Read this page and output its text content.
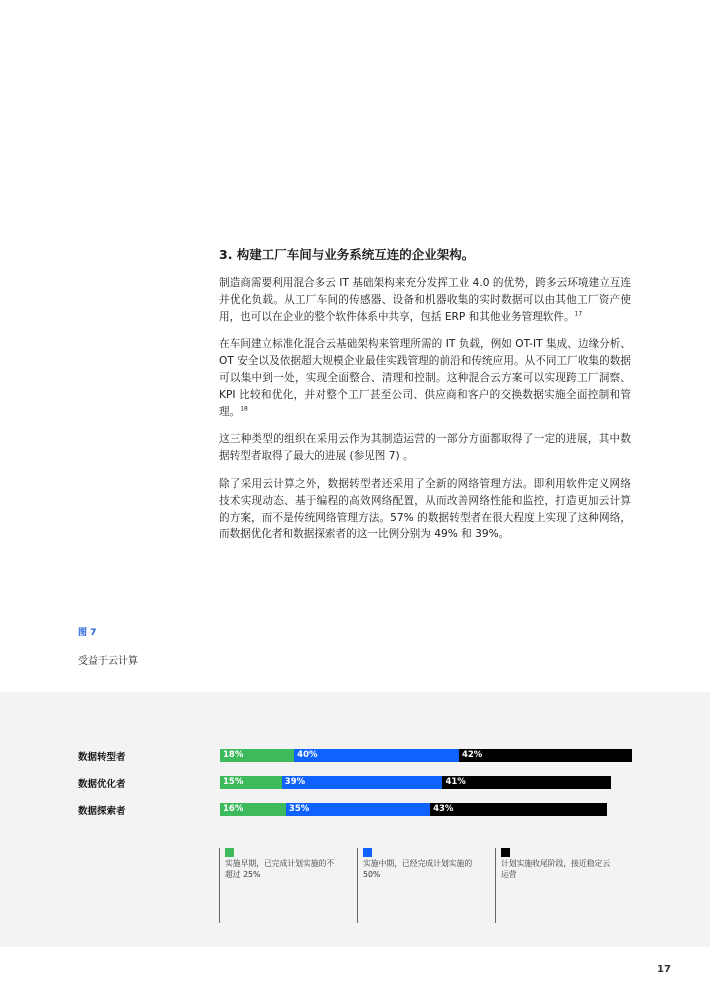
3. 构建工厂车间与业务系统互连的企业架构。

制造商需要利用混合多云 IT 基础架构来充分发挥工业 4.0 的优势，跨多云环境建立互连并优化负载。从工厂车间的传感器、设备和机器收集的实时数据可以由其他工厂资产使用，也可以在企业的整个软件体系中共享，包括 ERP 和其他业务管理软件。$^{17}$

在车间建立标准化混合云基础架构来管理所需的 IT 负载，例如 OT-IT 集成、边缘分析、OT 安全以及依据超大规模企业最佳实践管理的前沿和传统应用。从不同工厂收集的数据可以集中到一处，实现全面整合、清理和控制。这种混合云方案可以实现跨工厂洞察、KPI 比较和优化，并对整个工厂甚至公司、供应商和客户的交换数据实施全面控制和管理。$^{18}$

这三种类型的组织在采用云作为其制造运营的一部分方面都取得了一定的进展，其中数据转型者取得了最大的进展 (参见图 7) 。

除了采用云计算之外，数据转型者还采用了全新的网络管理方法。即利用软件定义网络技术实现动态、基于编程的高效网络配置，从而改善网络性能和监控，打造更加云计算的方案，而不是传统网络管理方法。57% 的数据转型者在很大程度上实现了这种网络，而数据优化者和数据探索者的这一比例分别为 49% 和 39%。

图 7
受益于云计算
数据转型者	18%	40%	42%
数据优化者	15%	39%	41%
数据探索者	16%	35%	43%
实施早期，已完成计划实施的不超过 25%
实施中期，已经完成计划实施的 50%
计划实施收尾阶段，接近稳定云运营
17
